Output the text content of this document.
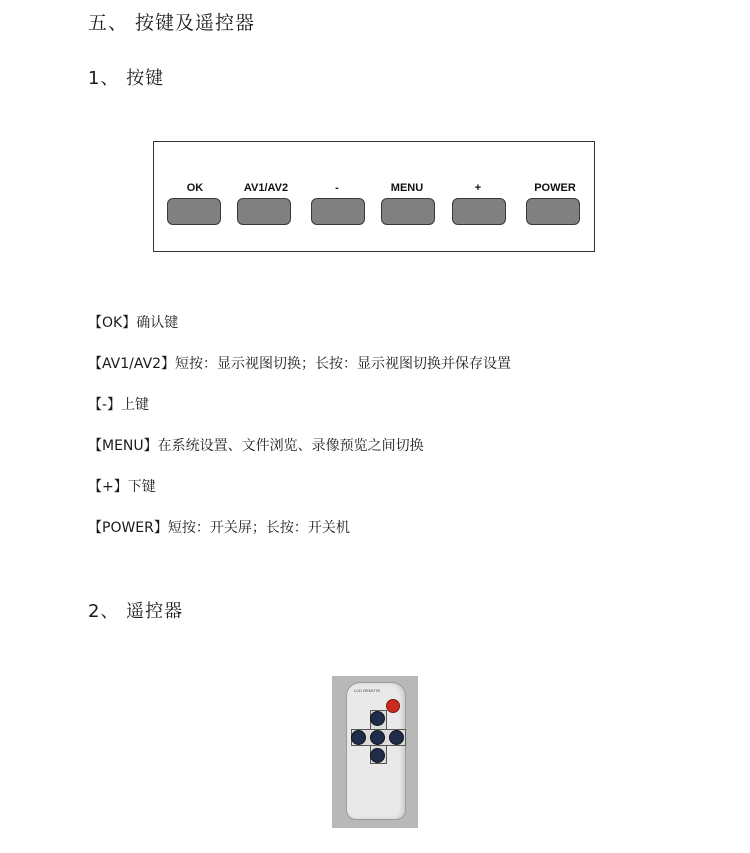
五、 按键及遥控器
1、 按键
OK	AV1/AV2	-	MENU	+	POWER
【OK】确认键
【AV1/AV2】短按：显示视图切换；长按：显示视图切换并保存设置
【-】上键
【MENU】在系统设置、文件浏览、录像预览之间切换
【+】下键
【POWER】短按：开关屏；长按：开关机
2、 遥控器
LCD REMOTE
